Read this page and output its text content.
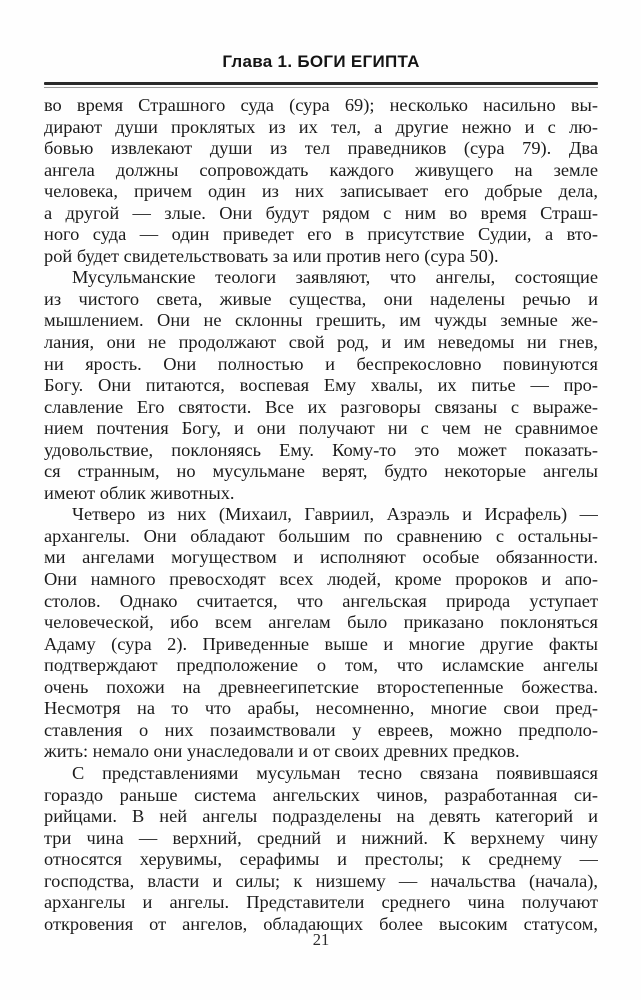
Глава 1. БОГИ ЕГИПТА
во время Страшного суда (сура 69); несколько насильно вы-
дирают души проклятых из их тел, а другие нежно и с лю-
бовью извлекают души из тел праведников (сура 79). Два
ангела должны сопровождать каждого живущего на земле
человека, причем один из них записывает его добрые дела,
а другой — злые. Они будут рядом с ним во время Страш-
ного суда — один приведет его в присутствие Судии, а вто-
рой будет свидетельствовать за или против него (сура 50).
Мусульманские теологи заявляют, что ангелы, состоящие
из чистого света, живые существа, они наделены речью и
мышлением. Они не склонны грешить, им чужды земные же-
лания, они не продолжают свой род, и им неведомы ни гнев,
ни ярость. Они полностью и беспрекословно повинуются
Богу. Они питаются, воспевая Ему хвалы, их питье — про-
славление Его святости. Все их разговоры связаны с выраже-
нием почтения Богу, и они получают ни с чем не сравнимое
удовольствие, поклоняясь Ему. Кому-то это может показать-
ся странным, но мусульмане верят, будто некоторые ангелы
имеют облик животных.
Четверо из них (Михаил, Гавриил, Азраэль и Исрафель) —
архангелы. Они обладают большим по сравнению с остальны-
ми ангелами могуществом и исполняют особые обязанности.
Они намного превосходят всех людей, кроме пророков и апо-
столов. Однако считается, что ангельская природа уступает
человеческой, ибо всем ангелам было приказано поклоняться
Адаму (сура 2). Приведенные выше и многие другие факты
подтверждают предположение о том, что исламские ангелы
очень похожи на древнеегипетские второстепенные божества.
Несмотря на то что арабы, несомненно, многие свои пред-
ставления о них позаимствовали у евреев, можно предполо-
жить: немало они унаследовали и от своих древних предков.
С представлениями мусульман тесно связана появившаяся
гораздо раньше система ангельских чинов, разработанная си-
рийцами. В ней ангелы подразделены на девять категорий и
три чина — верхний, средний и нижний. К верхнему чину
относятся херувимы, серафимы и престолы; к среднему —
господства, власти и силы; к низшему — начальства (начала),
архангелы и ангелы. Представители среднего чина получают
откровения от ангелов, обладающих более высоким статусом,
21
